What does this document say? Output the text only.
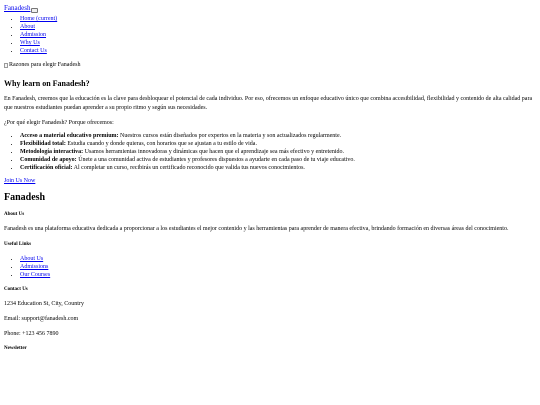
Fanadesh
• Home (current)
• About
• Admission
• Why Us
• Contact Us
Razones para elegir Fanadesh
Why learn on Fanadesh?

En Fanadesh, creemos que la educación es la clave para desbloquear el potencial de cada individuo. Por eso, ofrecemos un enfoque educativo único que combina accesibilidad, flexibilidad y contenido de alta calidad para que nuestros estudiantes puedan aprender a su propio ritmo y según sus necesidades.

¿Por qué elegir Fanadesh? Porque ofrecemos:

• Acceso a material educativo premium: Nuestros cursos están diseñados por expertos en la materia y son actualizados regularmente.
• Flexibilidad total: Estudia cuando y donde quieras, con horarios que se ajustan a tu estilo de vida.
• Metodología interactiva: Usamos herramientas innovadoras y dinámicas que hacen que el aprendizaje sea más efectivo y entretenido.
• Comunidad de apoyo: Únete a una comunidad activa de estudiantes y profesores dispuestos a ayudarte en cada paso de tu viaje educativo.
• Certificación oficial: Al completar un curso, recibirás un certificado reconocido que valida tus nuevos conocimientos.
Join Us Now
Fanadesh
About Us

Fanadesh es una plataforma educativa dedicada a proporcionar a los estudiantes el mejor contenido y las herramientas para aprender de manera efectiva, brindando formación en diversas áreas del conocimiento.

Useful Links
• About Us
• Admissions
• Our Courses
Contact Us

1234 Education St, City, Country

Email: support@fanadesh.com

Phone: +123 456 7890

Newsletter
